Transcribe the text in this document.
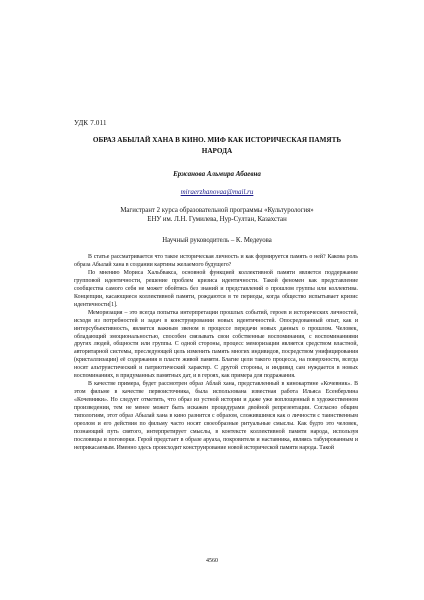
УДК 7.011
ОБРАЗ АБЫЛАЙ ХАНА В КИНО. МИФ КАК ИСТОРИЧЕСКАЯ ПАМЯТЬ
НАРОДА
Ержанова Альмира Абаевна
miraerzhanovaa@mail.ru
Магистрант 2 курса образовательной программы «Культурология»
ЕНУ им. Л.Н. Гумилева, Нур-Султан, Казахстан
Научный руководитель – К. Медеуова

В статье рассматривается что такое историческая личность и как формируется память о ней? Какова роль образа Абылай хана в создании картины желаемого будущего?

По мнению Мориса Хальбвакса, основной функцией коллективной памяти является поддержание групповой идентичности, решение проблем кризиса идентичности. Такой феномен как представление сообщества самого себя не может обойтись без знаний и представлений о прошлом группы или коллектива. Концепции, касающиеся коллективной памяти, рождаются в те периоды, когда общество испытывает кризис идентичности[1].

Меморизация – это всегда попытка интерпретации прошлых событий, героев и исторических личностей, исходя из потребностей и задач в конструировании новых идентичностей. Опосредованный опыт, как и интерсубъективность, является важным звеном в процессе передачи новых данных о прошлом. Человек, обладающий эмоциональностью, способен связывать свои собственные воспоминания, с воспоминаниями других людей, общности или группы. С одной стороны, процесс меморизации является средством властной, авторитарной системы, преследующей цель изменить память многих индивидов, посредством унифицирования (кристаллизации) её содержания в пласте живой памяти. Благие цели такого процесса, на поверхности, всегда носят альтруистический и патриотический характер. С другой стороны, и индивид сам нуждается в новых воспоминаниях, в придуманных памятных дат, и в героях, как примера для подражания.

В качестве примера, будет рассмотрен образ Аблай хана, представленный в кинокартине «Кочевник». В этом фильме в качестве первоисточника, была использована известная работа Ильяса Есенберлина «Кочевники». Но следует отметить, что образ из устной истории и даже уже воплощенный в художественном произведении, тем не менее может быть искажен процедурами двойной репрезентации. Согласно общим типологиям, этот образ Абылай хана в кино разнится с образом, сложившимся как о личности с таинственным ореолом и его действия по фильму часто носят своеобразные ритуальные смыслы. Как будто это человек, познающий путь святого, интерпретирует смыслы, в контексте коллективной памяти народа, используя пословицы и поговорки. Герой предстает в образе аруаха, покровителя и наставника, являясь табуированным и неприкасаемым. Именно здесь происходит конструирование новой исторической памяти народа. Такой

4560
